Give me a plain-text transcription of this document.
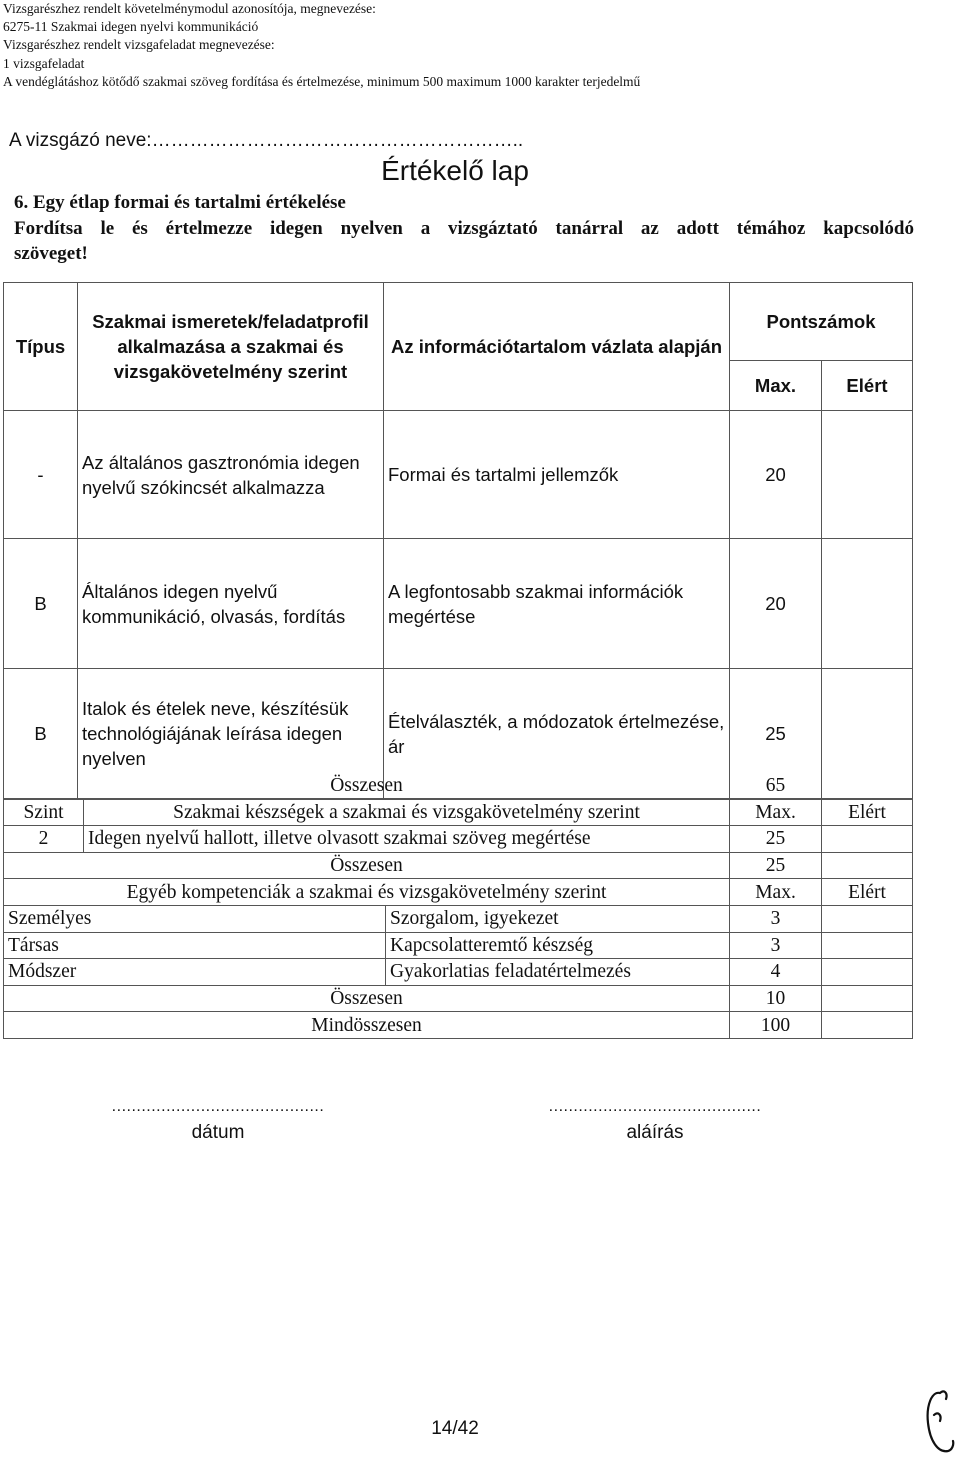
Vizsgarészhez rendelt követelménymodul azonosítója, megnevezése:
6275-11 Szakmai idegen nyelvi kommunikáció
Vizsgarészhez rendelt vizsgafeladat megnevezése:
1 vizsgafeladat
A vendéglátáshoz kötődő szakmai szöveg fordítása és értelmezése, minimum 500 maximum 1000 karakter terjedelmű
A vizsgázó neve:…………………………………………………..
Értékelő lap
6. Egy étlap formai és tartalmi értékelése
Fordítsa le és értelmezze idegen nyelven a vizsgáztató tanárral az adott témához kapcsolódó
szöveget!
Típus	Szakmai ismeretek/feladatprofil alkalmazása a szakmai és vizsgakövetelmény szerint	Az információtartalom vázlata alapján	Pontszámok	
			Max.	Elért
-	Az általános gasztronómia idegen nyelvű szókincsét alkalmazza	Formai és tartalmi jellemzők	20	
B	Általános idegen nyelvű kommunikáció, olvasás, fordítás	A legfontosabb szakmai információk megértése	20	
B	Italok és ételek neve, készítésük technológiájának leírása idegen nyelven	Ételválaszték, a módozatok értelmezése, ár	25	
Összesen			65	
Szint	Szakmai készségek a szakmai és vizsgakövetelmény szerint		Max.	Elért
2	Idegen nyelvű hallott, illetve olvasott szakmai szöveg megértése		25	
Összesen			25	
Egyéb kompetenciák a szakmai és vizsgakövetelmény szerint			Max.	Elért
Személyes		Szorgalom, igyekezet	3	
Társas		Kapcsolatteremtő készség	3	
Módszer		Gyakorlatias feladatértelmezés	4	
Összesen			10	
Mindösszesen			100	
...........................................
dátum
...........................................
aláírás
14/42
